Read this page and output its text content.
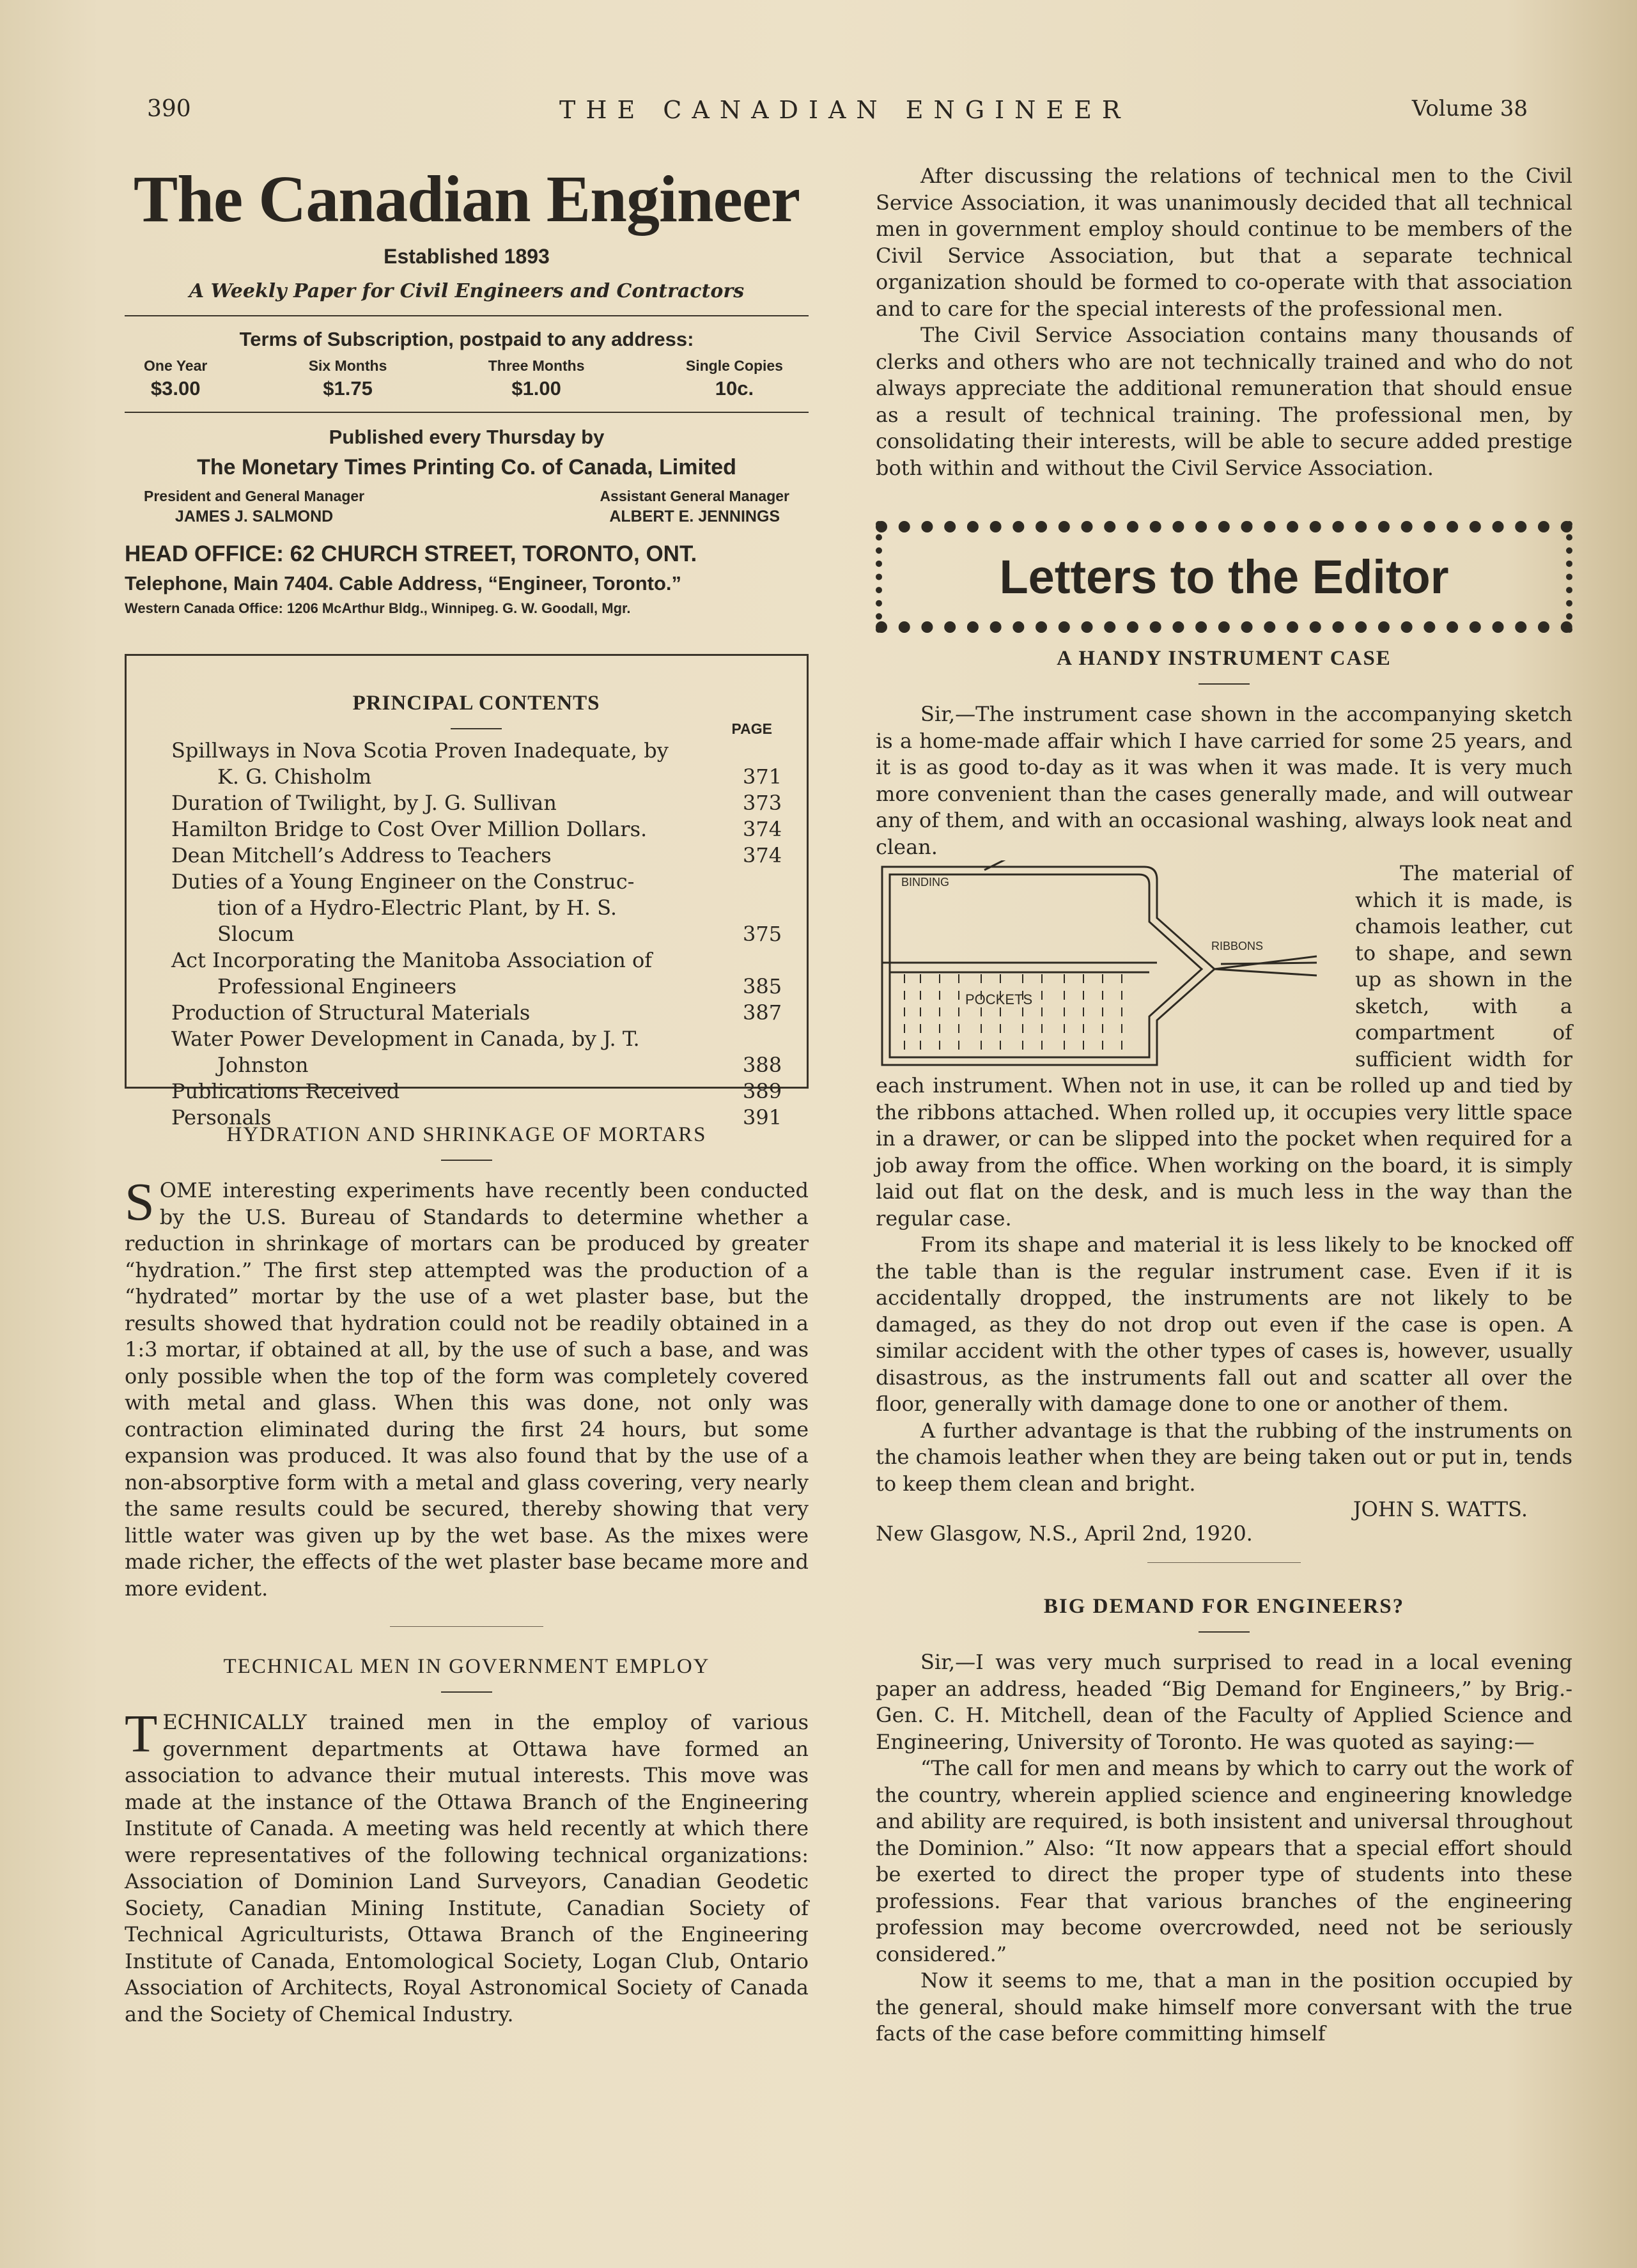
390	THE CANADIAN ENGINEER	Volume 38
The Canadian Engineer
Established 1893
A Weekly Paper for Civil Engineers and Contractors
Terms of Subscription, postpaid to any address:
One Year
$3.00
Six Months
$1.75
Three Months
$1.00
Single Copies
10c.
Published every Thursday by
The Monetary Times Printing Co. of Canada, Limited
President and General Manager
JAMES J. SALMOND
Assistant General Manager
ALBERT E. JENNINGS
HEAD OFFICE: 62 CHURCH STREET, TORONTO, ONT.
Telephone, Main 7404. Cable Address, “Engineer, Toronto.”
Western Canada Office: 1206 McArthur Bldg., Winnipeg. G. W. Goodall, Mgr.
PRINCIPAL CONTENTS
PAGE
Spillways in Nova Scotia Proven Inadequate, by
K. G. Chisholm	371
Duration of Twilight, by J. G. Sullivan	373
Hamilton Bridge to Cost Over Million Dollars.	374
Dean Mitchell’s Address to Teachers	374
Duties of a Young Engineer on the Construc-
tion of a Hydro-Electric Plant, by H. S.
Slocum	375
Act Incorporating the Manitoba Association of
Professional Engineers	385
Production of Structural Materials	387
Water Power Development in Canada, by J. T.
Johnston	388
Publications Received	389
Personals	391
HYDRATION AND SHRINKAGE OF MORTARS

SOME interesting experiments have recently been conducted by the U.S. Bureau of Standards to determine whether a reduction in shrinkage of mortars can be produced by greater “hydration.” The first step attempted was the production of a “hydrated” mortar by the use of a wet plaster base, but the results showed that hydration could not be readily obtained in a 1:3 mortar, if obtained at all, by the use of such a base, and was only possible when the top of the form was completely covered with metal and glass. When this was done, not only was contraction eliminated during the first 24 hours, but some expansion was produced. It was also found that by the use of a non-absorptive form with a metal and glass covering, very nearly the same results could be secured, thereby showing that very little water was given up by the wet base. As the mixes were made richer, the effects of the wet plaster base became more and more evident.

TECHNICAL MEN IN GOVERNMENT EMPLOY

TECHNICALLY trained men in the employ of various government departments at Ottawa have formed an association to advance their mutual interests. This move was made at the instance of the Ottawa Branch of the Engineering Institute of Canada. A meeting was held recently at which there were representatives of the following technical organizations: Association of Dominion Land Surveyors, Canadian Geodetic Society, Canadian Mining Institute, Canadian Society of Technical Agriculturists, Ottawa Branch of the Engineering Institute of Canada, Entomological Society, Logan Club, Ontario Association of Architects, Royal Astronomical Society of Canada and the Society of Chemical Industry.

After discussing the relations of technical men to the Civil Service Association, it was unanimously decided that all technical men in government employ should continue to be members of the Civil Service Association, but that a separate technical organization should be formed to co-operate with that association and to care for the special interests of the professional men.

The Civil Service Association contains many thousands of clerks and others who are not technically trained and who do not always appreciate the additional remuneration that should ensue as a result of technical training. The professional men, by consolidating their interests, will be able to secure added prestige both within and without the Civil Service Association.

Letters to the Editor
A HANDY INSTRUMENT CASE

Sir,—The instrument case shown in the accompanying sketch is a home-made affair which I have carried for some 25 years, and it is as good to-day as it was when it was made. It is very much more convenient than the cases generally made, and will outwear any of them, and with an occasional washing, always look neat and clean.

BINDING
RIBBONS
POCKETS

The material of which it is made, is chamois leather, cut to shape, and sewn up as shown in the sketch, with a compartment of sufficient width for each instrument. When not in use, it can be rolled up and tied by the ribbons attached. When rolled up, it occupies very little space in a drawer, or can be slipped into the pocket when required for a job away from the office. When working on the board, it is simply laid out flat on the desk, and is much less in the way than the regular case.

From its shape and material it is less likely to be knocked off the table than is the regular instrument case. Even if it is accidentally dropped, the instruments are not likely to be damaged, as they do not drop out even if the case is open. A similar accident with the other types of cases is, however, usually disastrous, as the instruments fall out and scatter all over the floor, generally with damage done to one or another of them.

A further advantage is that the rubbing of the instruments on the chamois leather when they are being taken out or put in, tends to keep them clean and bright.

JOHN S. WATTS.
New Glasgow, N.S., April 2nd, 1920.
BIG DEMAND FOR ENGINEERS?

Sir,—I was very much surprised to read in a local evening paper an address, headed “Big Demand for Engineers,” by Brig.-Gen. C. H. Mitchell, dean of the Faculty of Applied Science and Engineering, University of Toronto. He was quoted as saying:—

“The call for men and means by which to carry out the work of the country, wherein applied science and engineering knowledge and ability are required, is both insistent and universal throughout the Dominion.” Also: “It now appears that a special effort should be exerted to direct the proper type of students into these professions. Fear that various branches of the engineering profession may become overcrowded, need not be seriously considered.”

Now it seems to me, that a man in the position occupied by the general, should make himself more conversant with the true facts of the case before committing himself
